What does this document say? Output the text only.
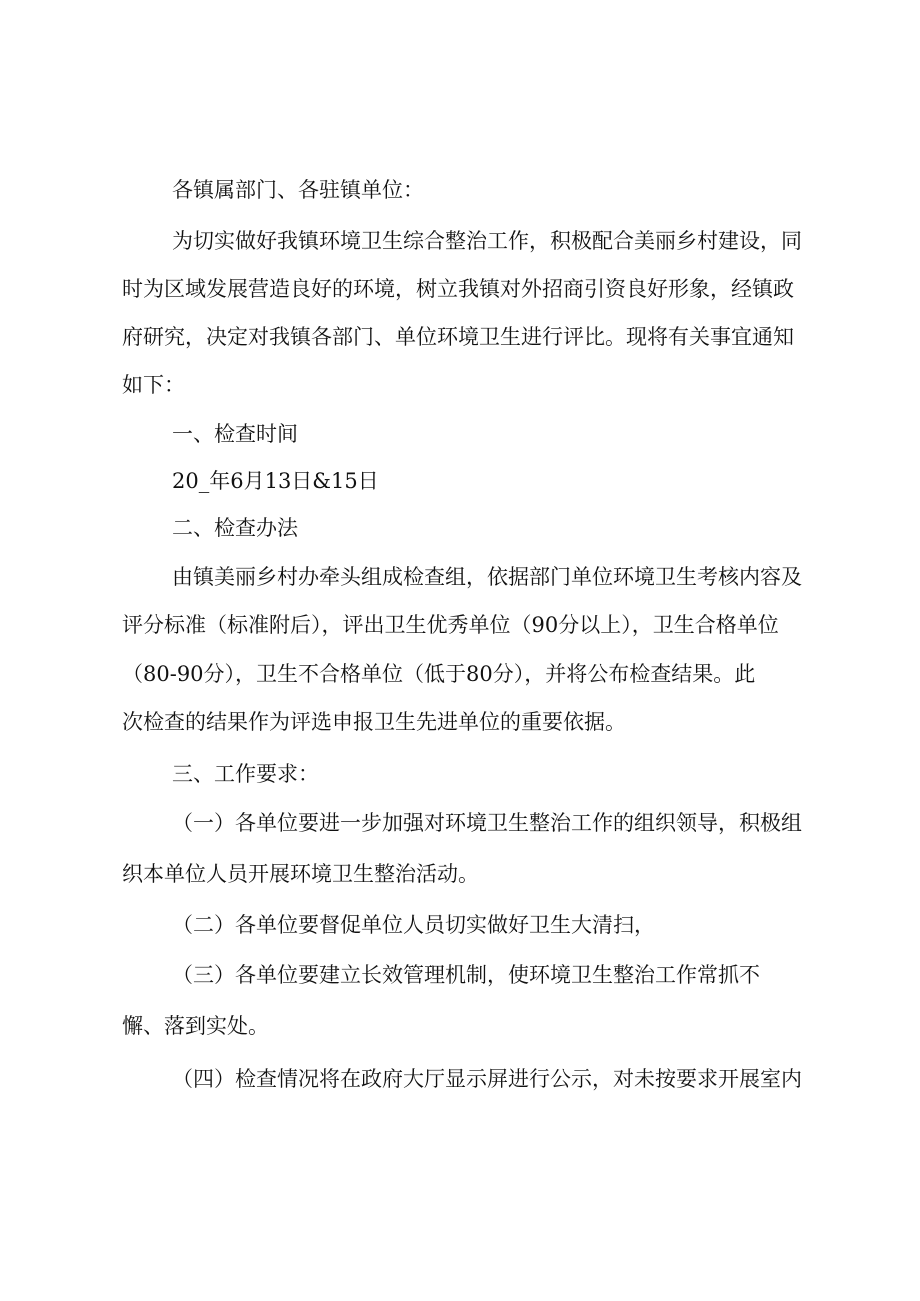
各镇属部门、各驻镇单位：
为切实做好我镇环境卫生综合整治工作，积极配合美丽乡村建设，同
时为区域发展营造良好的环境，树立我镇对外招商引资良好形象，经镇政
府研究，决定对我镇各部门、单位环境卫生进行评比。现将有关事宜通知
如下：
一、检查时间
20_年6月13日&15日
二、检查办法
由镇美丽乡村办牵头组成检查组，依据部门单位环境卫生考核内容及
评分标准（标准附后），评出卫生优秀单位（90分以上），卫生合格单位
（80-90分），卫生不合格单位（低于80分），并将公布检查结果。此
次检查的结果作为评选申报卫生先进单位的重要依据。
三、工作要求：
（一）各单位要进一步加强对环境卫生整治工作的组织领导，积极组
织本单位人员开展环境卫生整治活动。
（二）各单位要督促单位人员切实做好卫生大清扫，
（三）各单位要建立长效管理机制，使环境卫生整治工作常抓不
懈、落到实处。
（四）检查情况将在政府大厅显示屏进行公示，对未按要求开展室内
